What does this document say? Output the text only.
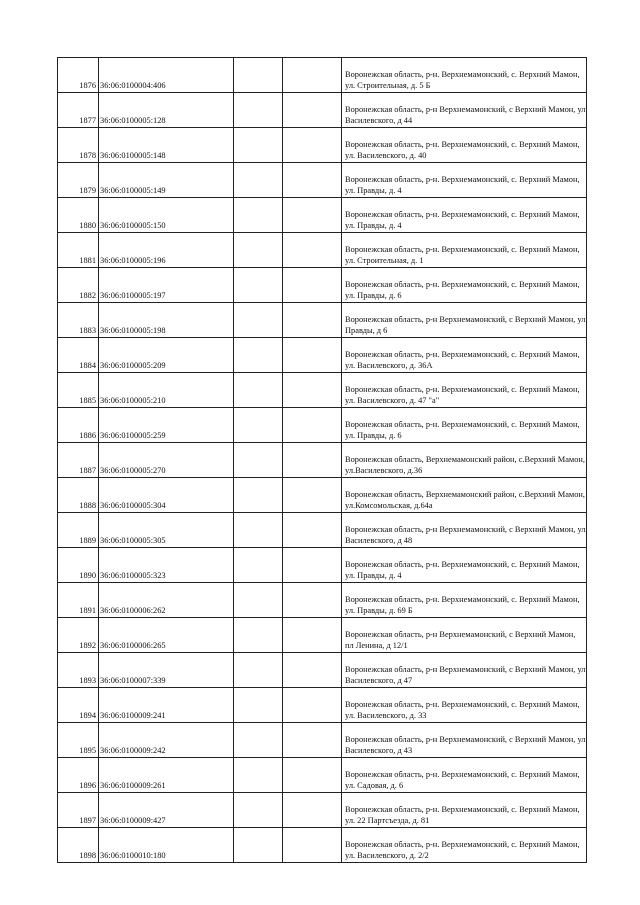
1876	36:06:0100004:406			Воронежская область, р-н. Верхнемамонский, с. Верхний Мамон, ул. Строительная, д. 5 Б
1877	36:06:0100005:128			Воронежская область, р-н Верхнемамонский, с Верхний Мамон, ул Василевского, д 44
1878	36:06:0100005:148			Воронежская область, р-н. Верхнемамонский, с. Верхний Мамон, ул. Василевского, д. 40
1879	36:06:0100005:149			Воронежская область, р-н. Верхнемамонский, с. Верхний Мамон, ул. Правды, д. 4
1880	36:06:0100005:150			Воронежская область, р-н. Верхнемамонский, с. Верхний Мамон, ул. Правды, д. 4
1881	36:06:0100005:196			Воронежская область, р-н. Верхнемамонский, с. Верхний Мамон, ул. Строительная, д. 1
1882	36:06:0100005:197			Воронежская область, р-н. Верхнемамонский, с. Верхний Мамон, ул. Правды, д. 6
1883	36:06:0100005:198			Воронежская область, р-н Верхнемамонский, с Верхний Мамон, ул Правды, д 6
1884	36:06:0100005:209			Воронежская область, р-н. Верхнемамонский, с. Верхний Мамон, ул. Василевского, д. 36А
1885	36:06:0100005:210			Воронежская область, р-н. Верхнемамонский, с. Верхний Мамон, ул. Василевского, д. 47 "а"
1886	36:06:0100005:259			Воронежская область, р-н. Верхнемамонский, с. Верхний Мамон, ул. Правды, д. 6
1887	36:06:0100005:270			Воронежская область, Верхнемамонский район, с.Верхний Мамон, ул.Василевского, д.36
1888	36:06:0100005:304			Воронежская область, Верхнемамонский район, с.Верхний Мамон, ул.Комсомольская, д.64а
1889	36:06:0100005:305			Воронежская область, р-н Верхнемамонский, с Верхний Мамон, ул Василевского, д 48
1890	36:06:0100005:323			Воронежская область, р-н. Верхнемамонский, с. Верхний Мамон, ул. Правды, д. 4
1891	36:06:0100006:262			Воронежская область, р-н. Верхнемамонский, с. Верхний Мамон, ул. Правды, д. 69 Б
1892	36:06:0100006:265			Воронежская область, р-н Верхнемамонский, с Верхний Мамон, пл Ленина, д 12/1
1893	36:06:0100007:339			Воронежская область, р-н Верхнемамонский, с Верхний Мамон, ул Василевского, д 47
1894	36:06:0100009:241			Воронежская область, р-н. Верхнемамонский, с. Верхний Мамон, ул. Василевского, д. 33
1895	36:06:0100009:242			Воронежская область, р-н Верхнемамонский, с Верхний Мамон, ул Василевского, д 43
1896	36:06:0100009:261			Воронежская область, р-н. Верхнемамонский, с. Верхний Мамон, ул. Садовая, д. 6
1897	36:06:0100009:427			Воронежская область, р-н. Верхнемамонский, с. Верхний Мамон, ул. 22 Партсъезда, д. 81
1898	36:06:0100010:180			Воронежская область, р-н. Верхнемамонский, с. Верхний Мамон, ул. Василевского, д. 2/2
